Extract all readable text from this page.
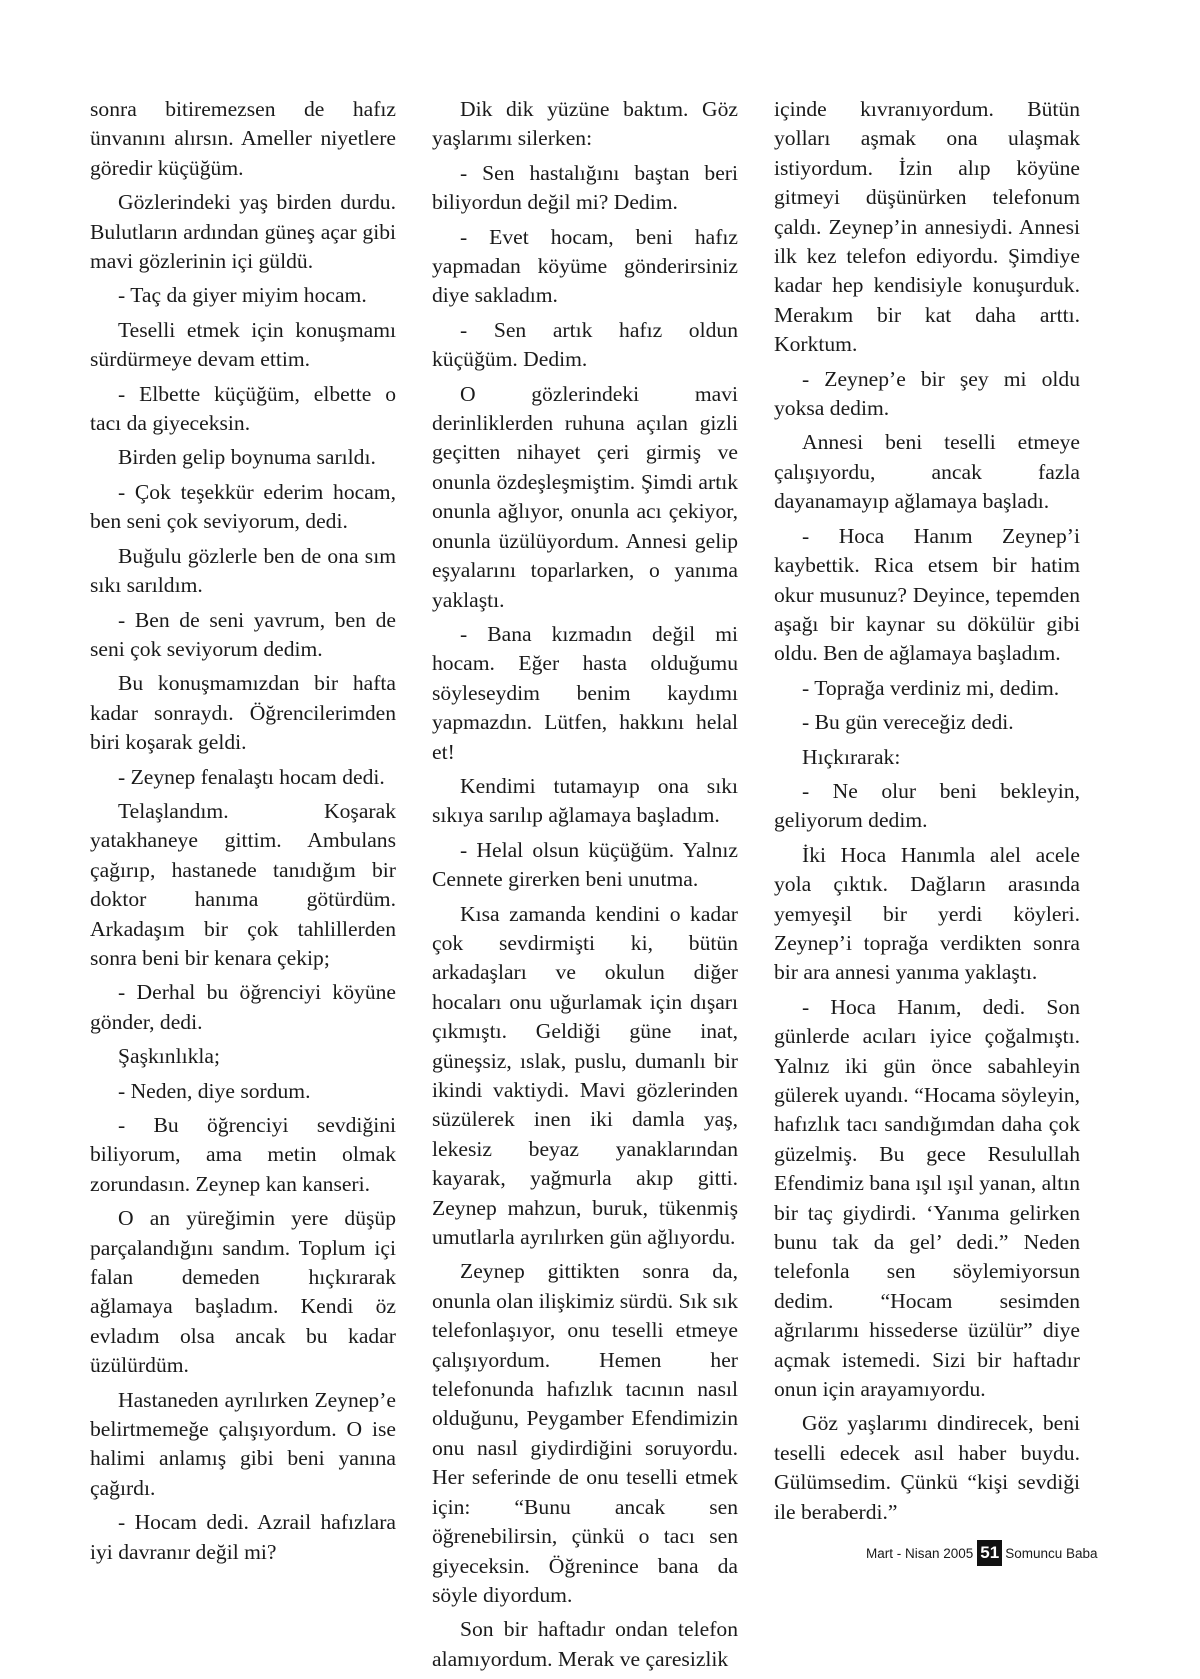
sonra bitiremezsen de hafız ünvanını alırsın. Ameller niyetlere göredir küçüğüm.

Gözlerindeki yaş birden durdu. Bulutların ardından güneş açar gibi mavi gözlerinin içi güldü.

- Taç da giyer miyim hocam.

Teselli etmek için konuşmamı sürdürmeye devam ettim.

- Elbette küçüğüm, elbette o tacı da giyeceksin.

Birden gelip boynuma sarıldı.

- Çok teşekkür ederim hocam, ben seni çok seviyorum, dedi.

Buğulu gözlerle ben de ona sım sıkı sarıldım.

- Ben de seni yavrum, ben de seni çok seviyorum dedim.

Bu konuşmamızdan bir hafta kadar sonraydı. Öğrencilerimden biri koşarak geldi.

- Zeynep fenalaştı hocam dedi.

Telaşlandım. Koşarak yatakhaneye gittim. Ambulans çağırıp, hastanede tanıdığım bir doktor hanıma götürdüm. Arkadaşım bir çok tahlillerden sonra beni bir kenara çekip;

- Derhal bu öğrenciyi köyüne gönder, dedi.

Şaşkınlıkla;

- Neden, diye sordum.

- Bu öğrenciyi sevdiğini biliyorum, ama metin olmak zorundasın. Zeynep kan kanseri.

O an yüreğimin yere düşüp parçalandığını sandım. Toplum içi falan demeden hıçkırarak ağlamaya başladım. Kendi öz evladım olsa ancak bu kadar üzülürdüm.

Hastaneden ayrılırken Zeynep’e belirtmemeğe çalışıyordum. O ise halimi anlamış gibi beni yanına çağırdı.

- Hocam dedi. Azrail hafızlara iyi davranır değil mi?

Dik dik yüzüne baktım. Göz yaşlarımı silerken:

- Sen hastalığını baştan beri biliyordun değil mi? Dedim.

- Evet hocam, beni hafız yapmadan köyüme gönderirsiniz diye sakladım.

- Sen artık hafız oldun küçüğüm. Dedim.

O gözlerindeki mavi derinliklerden ruhuna açılan gizli geçitten nihayet çeri girmiş ve onunla özdeşleşmiştim. Şimdi artık onunla ağlıyor, onunla acı çekiyor, onunla üzülüyordum. Annesi gelip eşyalarını toparlarken, o yanıma yaklaştı.

- Bana kızmadın değil mi hocam. Eğer hasta olduğumu söyleseydim benim kaydımı yapmazdın. Lütfen, hakkını helal et!

Kendimi tutamayıp ona sıkı sıkıya sarılıp ağlamaya başladım.

- Helal olsun küçüğüm. Yalnız Cennete girerken beni unutma.

Kısa zamanda kendini o kadar çok sevdirmişti ki, bütün arkadaşları ve okulun diğer hocaları onu uğurlamak için dışarı çıkmıştı. Geldiği güne inat, güneşsiz, ıslak, puslu, dumanlı bir ikindi vaktiydi. Mavi gözlerinden süzülerek inen iki damla yaş, lekesiz beyaz yanaklarından kayarak, yağmurla akıp gitti. Zeynep mahzun, buruk, tükenmiş umutlarla ayrılırken gün ağlıyordu.

Zeynep gittikten sonra da, onunla olan ilişkimiz sürdü. Sık sık telefonlaşıyor, onu teselli etmeye çalışıyordum. Hemen her telefonunda hafızlık tacının nasıl olduğunu, Peygamber Efendimizin onu nasıl giydirdiğini soruyordu. Her seferinde de onu teselli etmek için: “Bunu ancak sen öğrenebilirsin, çünkü o tacı sen giyeceksin. Öğrenince bana da söyle diyordum.

Son bir haftadır ondan telefon alamıyordum. Merak ve çaresizlik

içinde kıvranıyordum. Bütün yolları aşmak ona ulaşmak istiyordum. İzin alıp köyüne gitmeyi düşünürken telefonum çaldı. Zeynep’in annesiydi. Annesi ilk kez telefon ediyordu. Şimdiye kadar hep kendisiyle konuşurduk. Merakım bir kat daha arttı. Korktum.

- Zeynep’e bir şey mi oldu yoksa dedim.

Annesi beni teselli etmeye çalışıyordu, ancak fazla dayanamayıp ağlamaya başladı.

- Hoca Hanım Zeynep’i kaybettik. Rica etsem bir hatim okur musunuz? Deyince, tepemden aşağı bir kaynar su dökülür gibi oldu. Ben de ağlamaya başladım.

- Toprağa verdiniz mi, dedim.

- Bu gün vereceğiz dedi.

Hıçkırarak:

- Ne olur beni bekleyin, geliyorum dedim.

İki Hoca Hanımla alel acele yola çıktık. Dağların arasında yemyeşil bir yerdi köyleri. Zeynep’i toprağa verdikten sonra bir ara annesi yanıma yaklaştı.

- Hoca Hanım, dedi. Son günlerde acıları iyice çoğalmıştı. Yalnız iki gün önce sabahleyin gülerek uyandı. “Hocama söyleyin, hafızlık tacı sandığımdan daha çok güzelmiş. Bu gece Resulullah Efendimiz bana ışıl ışıl yanan, altın bir taç giydirdi. ‘Yanıma gelirken bunu tak da gel’ dedi.” Neden telefonla sen söylemiyorsun dedim. “Hocam sesimden ağrılarımı hissederse üzülür” diye açmak istemedi. Sizi bir haftadır onun için arayamıyordu.

Göz yaşlarımı dindirecek, beni teselli edecek asıl haber buydu. Gülümsedim. Çünkü “kişi sevdiği ile beraberdi.”

Mart - Nisan 2005 51 Somuncu Baba
